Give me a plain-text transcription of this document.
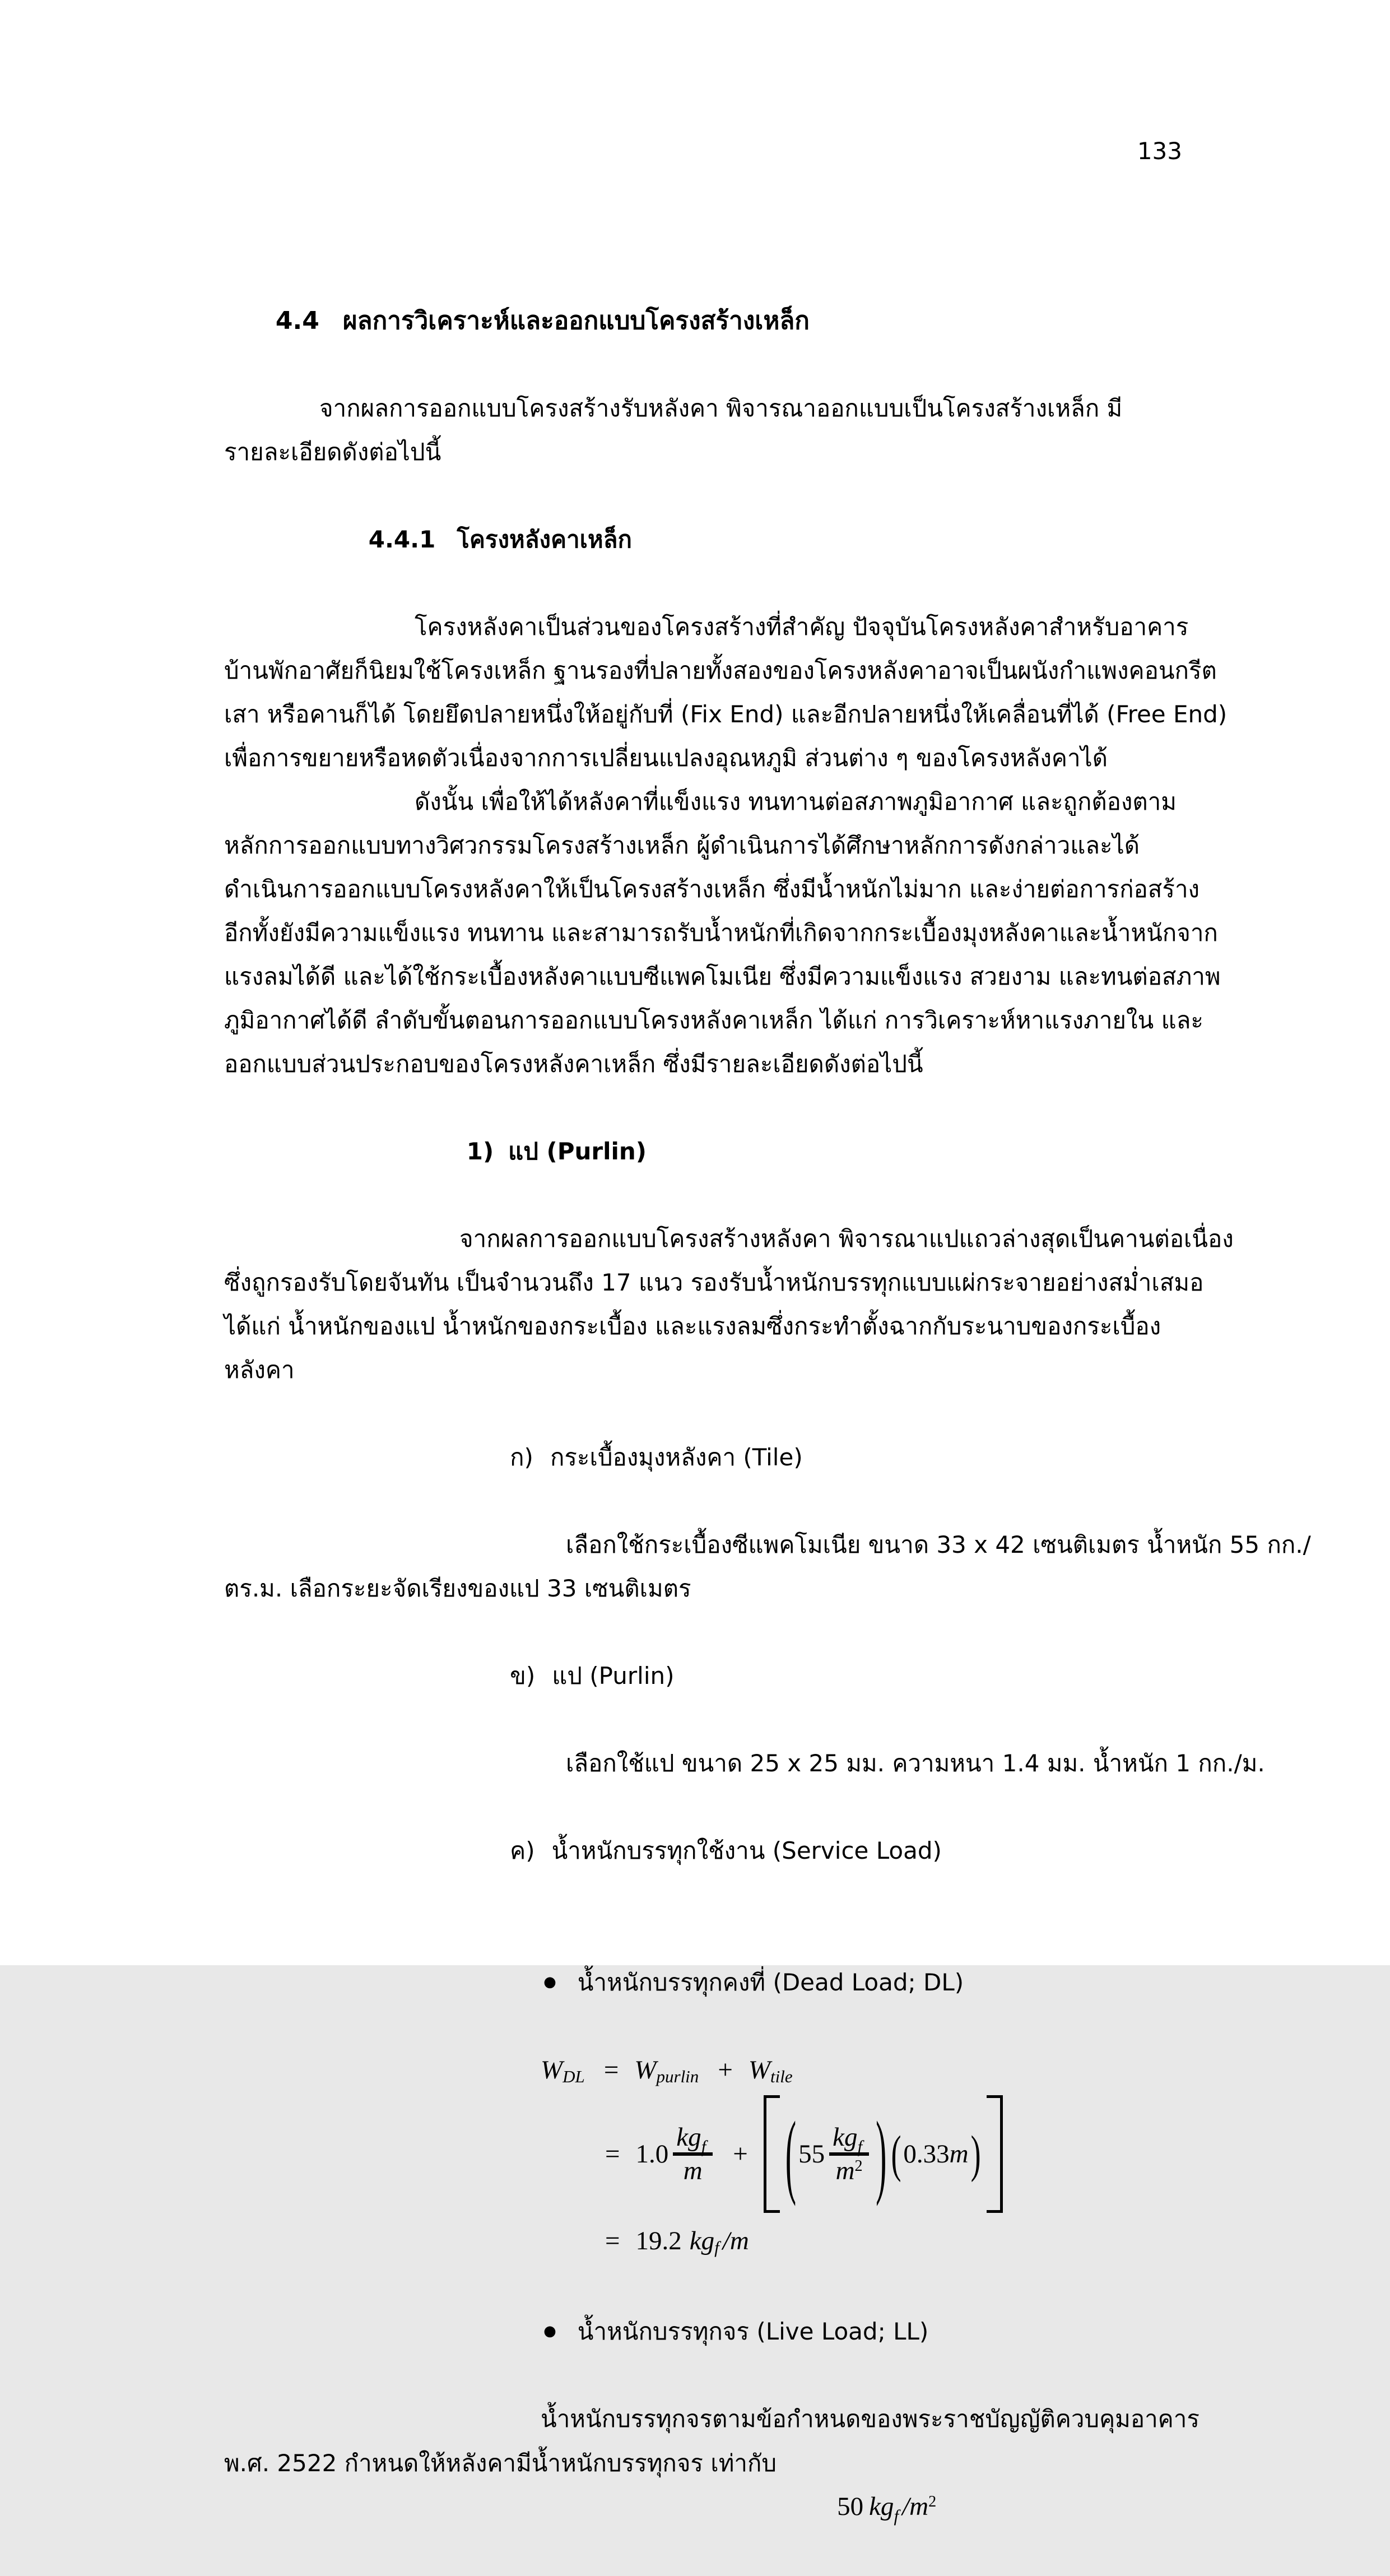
133

4.4 ผลการวิเคราะห์และออกแบบโครงสร้างเหล็ก

จากผลการออกแบบโครงสร้างรับหลังคา พิจารณาออกแบบเป็นโครงสร้างเหล็ก มี
รายละเอียดดังต่อไปนี้

4.4.1 โครงหลังคาเหล็ก

โครงหลังคาเป็นส่วนของโครงสร้างที่สำคัญ ปัจจุบันโครงหลังคาสำหรับอาคาร
บ้านพักอาศัยก็นิยมใช้โครงเหล็ก ฐานรองที่ปลายทั้งสองของโครงหลังคาอาจเป็นผนังกำแพงคอนกรีต
เสา หรือคานก็ได้ โดยยึดปลายหนึ่งให้อยู่กับที่ (Fix End) และอีกปลายหนึ่งให้เคลื่อนที่ได้ (Free End)
เพื่อการขยายหรือหดตัวเนื่องจากการเปลี่ยนแปลงอุณหภูมิ ส่วนต่าง ๆ ของโครงหลังคาได้
ดังนั้น เพื่อให้ได้หลังคาที่แข็งแรง ทนทานต่อสภาพภูมิอากาศ และถูกต้องตาม
หลักการออกแบบทางวิศวกรรมโครงสร้างเหล็ก ผู้ดำเนินการได้ศึกษาหลักการดังกล่าวและได้
ดำเนินการออกแบบโครงหลังคาให้เป็นโครงสร้างเหล็ก ซึ่งมีน้ำหนักไม่มาก และง่ายต่อการก่อสร้าง
อีกทั้งยังมีความแข็งแรง ทนทาน และสามารถรับน้ำหนักที่เกิดจากกระเบื้องมุงหลังคาและน้ำหนักจาก
แรงลมได้ดี และได้ใช้กระเบื้องหลังคาแบบซีแพคโมเนีย ซึ่งมีความแข็งแรง สวยงาม และทนต่อสภาพ
ภูมิอากาศได้ดี ลำดับขั้นตอนการออกแบบโครงหลังคาเหล็ก ได้แก่ การวิเคราะห์หาแรงภายใน และ
ออกแบบส่วนประกอบของโครงหลังคาเหล็ก ซึ่งมีรายละเอียดดังต่อไปนี้

1) แป (Purlin)

จากผลการออกแบบโครงสร้างหลังคา พิจารณาแปแถวล่างสุดเป็นคานต่อเนื่อง
ซึ่งถูกรองรับโดยจันทัน เป็นจำนวนถึง 17 แนว รองรับน้ำหนักบรรทุกแบบแผ่กระจายอย่างสม่ำเสมอ
ได้แก่ น้ำหนักของแป น้ำหนักของกระเบื้อง และแรงลมซึ่งกระทำตั้งฉากกับระนาบของกระเบื้อง
หลังคา

ก) กระเบื้องมุงหลังคา (Tile)

เลือกใช้กระเบื้องซีแพคโมเนีย ขนาด 33 x 42 เซนติเมตร น้ำหนัก 55 กก./
ตร.ม. เลือกระยะจัดเรียงของแป 33 เซนติเมตร

ข) แป (Purlin)

เลือกใช้แป ขนาด 25 x 25 มม. ความหนา 1.4 มม. น้ำหนัก 1 กก./ม.

ค) น้ำหนักบรรทุกใช้งาน (Service Load)

● น้ำหนักบรรทุกคงที่ (Dead Load; DL)

W DL = W purlin + W tile
= 1.0
$kg_f$
m
+ ( 55
$kg_f$
$m^2$ ) ( 0.33 m )
= 19.2 kg f /m

● น้ำหนักบรรทุกจร (Live Load; LL)

น้ำหนักบรรทุกจรตามข้อกำหนดของพระราชบัญญัติควบคุมอาคาร
พ.ศ. 2522 กำหนดให้หลังคามีน้ำหนักบรรทุกจร เท่ากับ

50 $kg_f$ $/m^2$
